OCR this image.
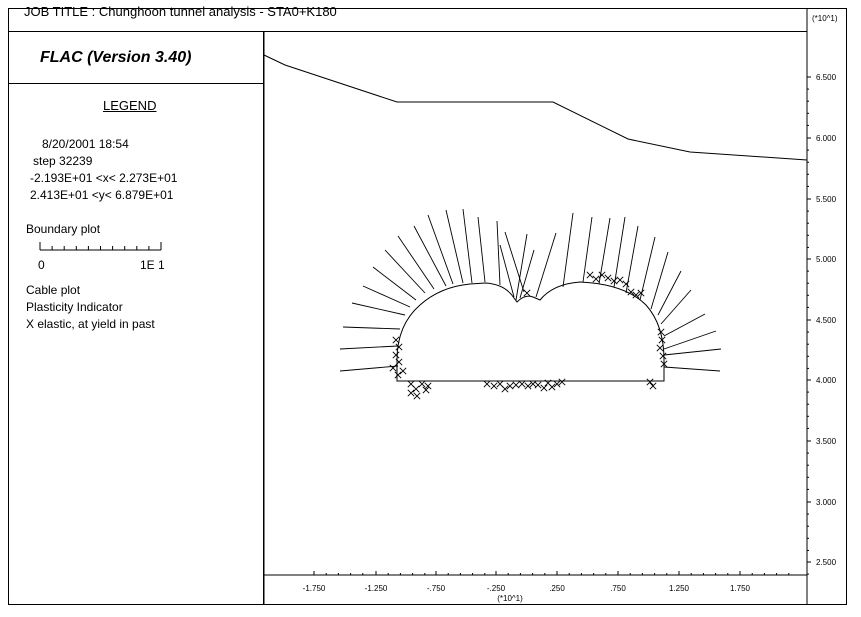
JOB TITLE : Chunghoon tunnel analysis - STA0+K180	(*10^1)
FLAC (Version 3.40)
LEGEND
8/20/2001 18:54
step 32239
-2.193E+01 <x< 2.273E+01
2.413E+01 <y< 6.879E+01
Boundary plot
0	1E 1
Cable plot
Plasticity Indicator
X elastic, at yield in past
-1.750	-1.250	-.750	-.250	.250	.750	1.250	1.750
6.500
6.000
5.500
5.000
4.500
4.000
3.500
3.000
2.500
(*10^1)
